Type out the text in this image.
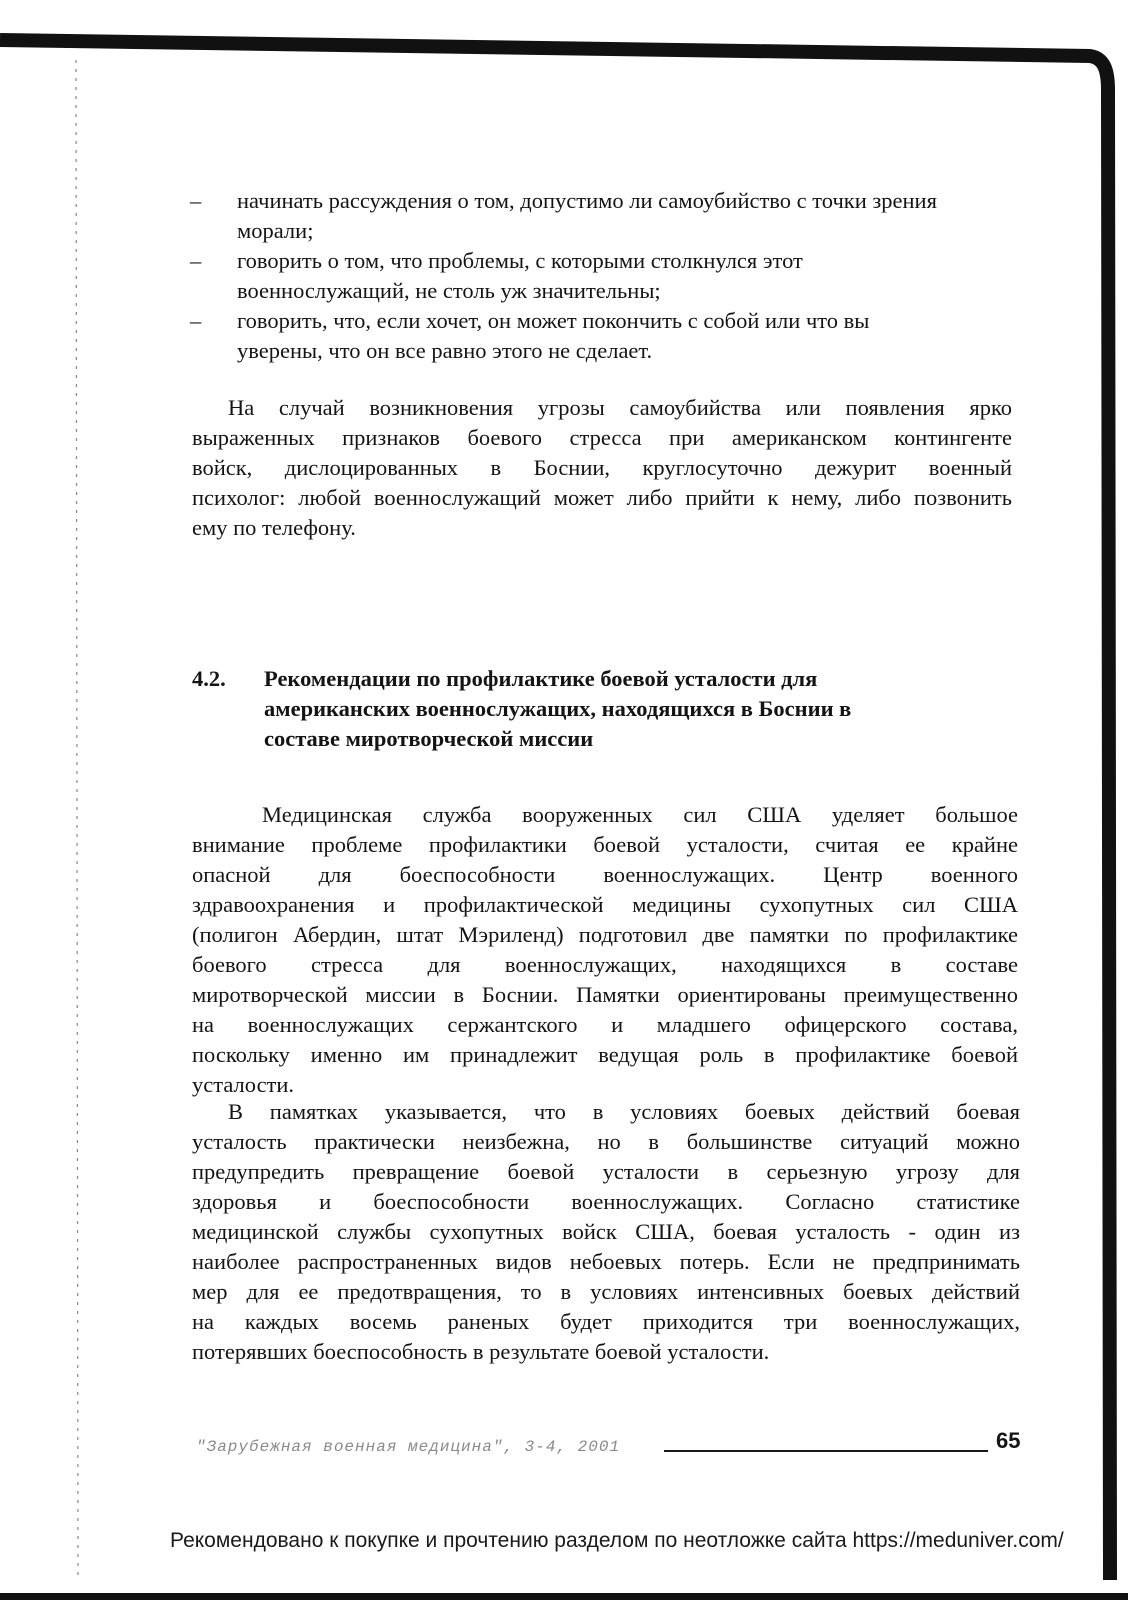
– начинать рассуждения о том, допустимо ли самоубийство с точки зрения
морали;
– говорить о том, что проблемы, с которыми столкнулся этот
военнослужащий, не столь уж значительны;
– говорить, что, если хочет, он может покончить с собой или что вы
уверены, что он все равно этого не сделает.
На случай возникновения угрозы самоубийства или появления ярко
выраженных признаков боевого стресса при американском контингенте
войск, дислоцированных в Боснии, круглосуточно дежурит военный
психолог: любой военнослужащий может либо прийти к нему, либо позвонить
ему по телефону.
4.2. Рекомендации по профилактике боевой усталости для
американских военнослужащих, находящихся в Боснии в
составе миротворческой миссии
Медицинская служба вооруженных сил США уделяет большое
внимание проблеме профилактики боевой усталости, считая ее крайне
опасной для боеспособности военнослужащих. Центр военного
здравоохранения и профилактической медицины сухопутных сил США
(полигон Абердин, штат Мэриленд) подготовил две памятки по профилактике
боевого стресса для военнослужащих, находящихся в составе
миротворческой миссии в Боснии. Памятки ориентированы преимущественно
на военнослужащих сержантского и младшего офицерского состава,
поскольку именно им принадлежит ведущая роль в профилактике боевой
усталости.
В памятках указывается, что в условиях боевых действий боевая
усталость практически неизбежна, но в большинстве ситуаций можно
предупредить превращение боевой усталости в серьезную угрозу для
здоровья и боеспособности военнослужащих. Согласно статистике
медицинской службы сухопутных войск США, боевая усталость - один из
наиболее распространенных видов небоевых потерь. Если не предпринимать
мер для ее предотвращения, то в условиях интенсивных боевых действий
на каждых восемь раненых будет приходится три военнослужащих,
потерявших боеспособность в результате боевой усталости.
"Зарубежная военная медицина", 3-4, 2001	65
Рекомендовано к покупке и прочтению разделом по неотложке сайта https://meduniver.com/
